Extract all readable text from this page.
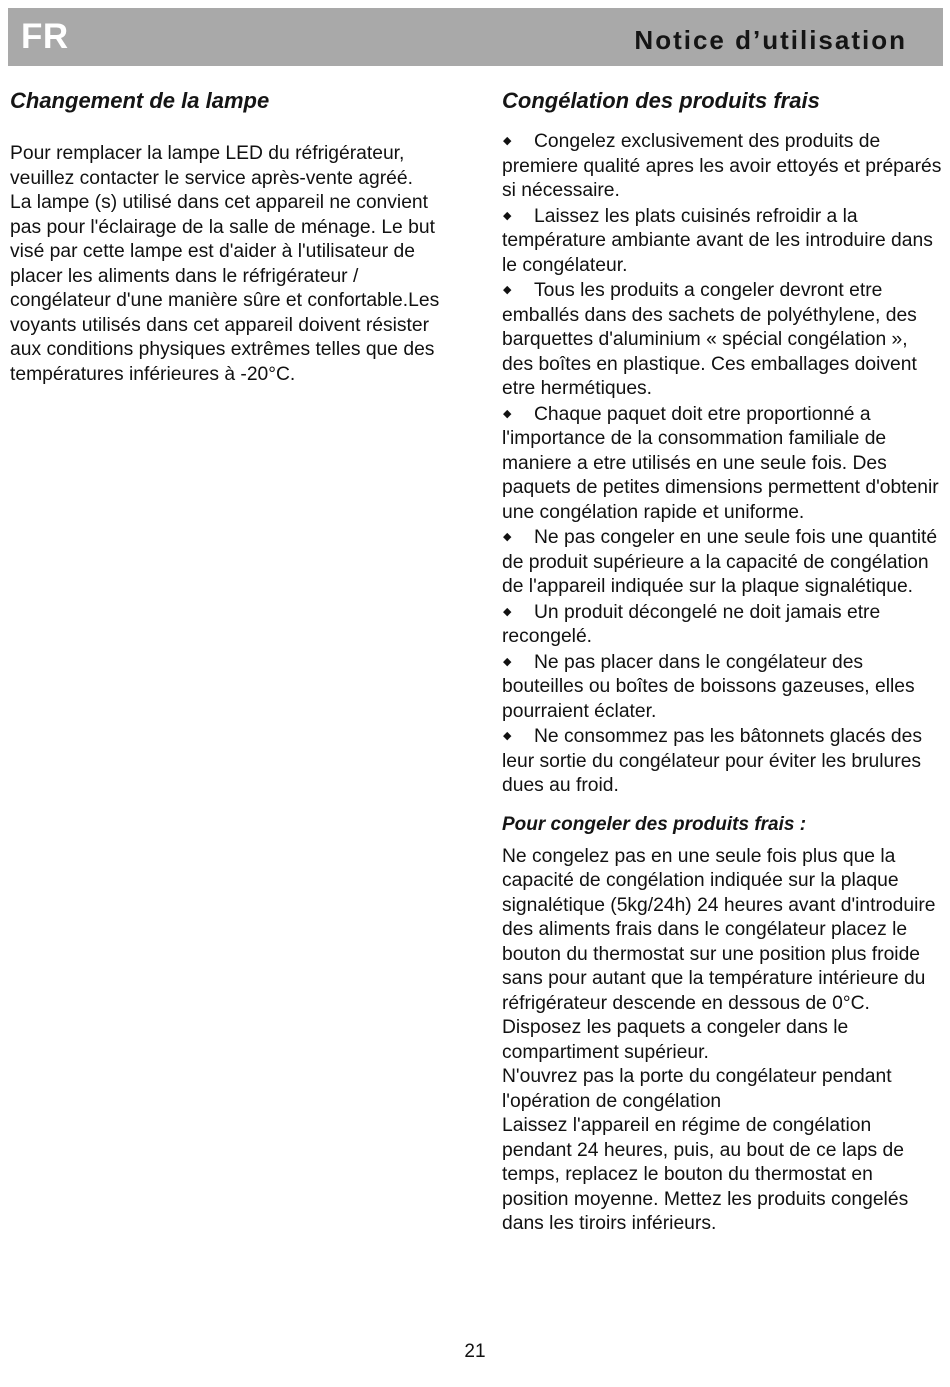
FR	Notice d’utilisation
Changement de la lampe

Pour remplacer la lampe LED du réfrigérateur, veuillez contacter le service après-vente agréé.

La lampe (s) utilisé dans cet appareil ne convient pas pour l'éclairage de la salle de ménage. Le but visé par cette lampe est d'aider à l'utilisateur de placer les aliments dans le réfrigérateur / congélateur d'une manière sûre et confortable.Les voyants utilisés dans cet appareil doivent résister aux conditions physiques extrêmes telles que des températures inférieures à -20°C.

Congélation des produits frais
◆ Congelez exclusivement des produits de premiere qualité apres les avoir ettoyés et préparés si nécessaire.
◆ Laissez les plats cuisinés refroidir a la température ambiante avant de les introduire dans le congélateur.
◆ Tous les produits a congeler devront etre emballés dans des sachets de polyéthylene, des barquettes d'aluminium « spécial congélation », des boîtes en plastique. Ces emballages doivent etre hermétiques.
◆ Chaque paquet doit etre proportionné a l'importance de la consommation familiale de maniere a etre utilisés en une seule fois. Des paquets de petites dimensions permettent d'obtenir une congélation rapide et uniforme.
◆ Ne pas congeler en une seule fois une quantité de produit supérieure a la capacité de congélation de l'appareil indiquée sur la plaque signalétique.
◆ Un produit décongelé ne doit jamais etre recongelé.
◆ Ne pas placer dans le congélateur des bouteilles ou boîtes de boissons gazeuses, elles pourraient éclater.
◆ Ne consommez pas les bâtonnets glacés des leur sortie du congélateur pour éviter les brulures dues au froid.
Pour congeler des produits frais :

Ne congelez pas en une seule fois plus que la capacité de congélation indiquée sur la plaque signalétique (5kg/24h) 24 heures avant d'introduire des aliments frais dans le congélateur placez le bouton du thermostat sur une position plus froide sans pour autant que la température intérieure du réfrigérateur descende en dessous de 0°C.

Disposez les paquets a congeler dans le compartiment supérieur.

N'ouvrez pas la porte du congélateur pendant l'opération de congélation

Laissez l'appareil en régime de congélation pendant 24 heures, puis, au bout de ce laps de temps, replacez le bouton du thermostat en position moyenne. Mettez les produits congelés dans les tiroirs inférieurs.

21
